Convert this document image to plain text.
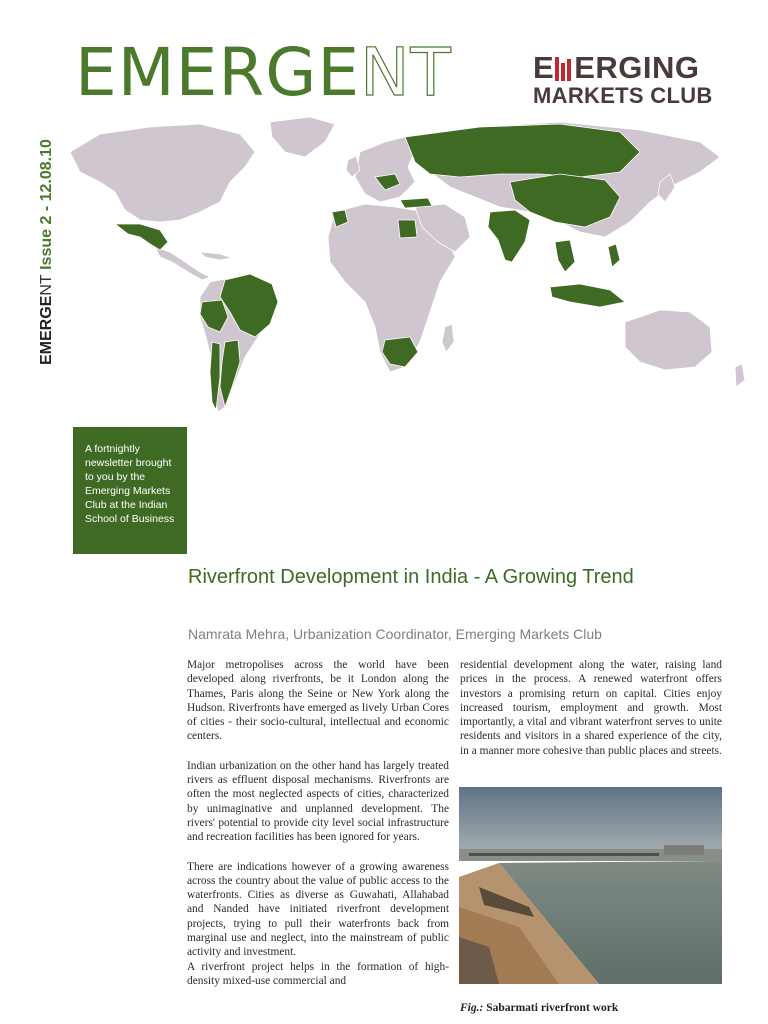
EMERGENT	E ERGING
MARKETS CLUB
EMERGENT Issue 2 - 12.08.10
A fortnightly newsletter brought to you by the Emerging Markets Club at the Indian School of Business
Riverfront Development in India - A Growing Trend
Namrata Mehra, Urbanization Coordinator, Emerging Markets Club

Major metropolises across the world have been developed along riverfronts, be it London along the Thames, Paris along the Seine or New York along the Hudson. Riverfronts have emerged as lively Urban Cores of cities - their socio-cultural, intellectual and economic centers.

Indian urbanization on the other hand has largely treated rivers as effluent disposal mechanisms. Riverfronts are often the most neglected aspects of cities, characterized by unimaginative and unplanned development. The rivers' potential to provide city level social infrastructure and recreation facilities has been ignored for years.

There are indications however of a growing awareness across the country about the value of public access to the waterfronts. Cities as diverse as Guwahati, Allahabad and Nanded have initiated riverfront development projects, trying to pull their waterfronts back from marginal use and neglect, into the mainstream of public activity and investment.

A riverfront project helps in the formation of high-density mixed-use commercial and

residential development along the water, raising land prices in the process. A renewed waterfront offers investors a promising return on capital. Cities enjoy increased tourism, employment and growth. Most importantly, a vital and vibrant waterfront serves to unite residents and visitors in a shared experience of the city, in a manner more cohesive than public places and streets.

Fig.: Sabarmati riverfront work
